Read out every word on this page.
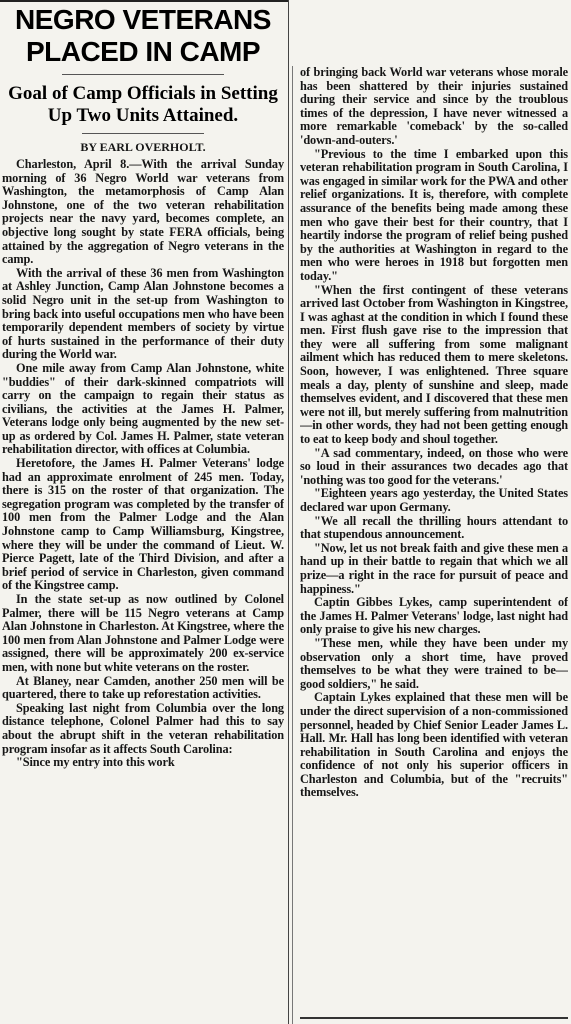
NEGRO VETERANS
PLACED IN CAMP
Goal of Camp Officials in Setting Up Two Units Attained.
BY EARL OVERHOLT.

Charleston, April 8.—With the arrival Sunday morning of 36 Negro World war veterans from Washington, the metamorphosis of Camp Alan Johnstone, one of the two veteran rehabilitation projects near the navy yard, becomes complete, an objective long sought by state FERA officials, being attained by the aggregation of Negro veterans in the camp.

With the arrival of these 36 men from Washington at Ashley Junction, Camp Alan Johnstone becomes a solid Negro unit in the set-up from Washington to bring back into useful occupations men who have been temporarily dependent members of society by virtue of hurts sustained in the performance of their duty during the World war.

One mile away from Camp Alan Johnstone, white "buddies" of their dark-skinned compatriots will carry on the campaign to regain their status as civilians, the activities at the James H. Palmer, Veterans lodge only being augmented by the new set-up as ordered by Col. James H. Palmer, state veteran rehabilitation director, with offices at Columbia.

Heretofore, the James H. Palmer Veterans' lodge had an approximate enrolment of 245 men. Today, there is 315 on the roster of that organization. The segregation program was completed by the transfer of 100 men from the Palmer Lodge and the Alan Johnstone camp to Camp Williamsburg, Kingstree, where they will be under the command of Lieut. W. Pierce Pagett, late of the Third Division, and after a brief period of service in Charleston, given command of the Kingstree camp.

In the state set-up as now outlined by Colonel Palmer, there will be 115 Negro veterans at Camp Alan Johnstone in Charleston. At Kingstree, where the 100 men from Alan Johnstone and Palmer Lodge were assigned, there will be approximately 200 ex-service men, with none but white veterans on the roster.

At Blaney, near Camden, another 250 men will be quartered, there to take up reforestation activities.

Speaking last night from Columbia over the long distance telephone, Colonel Palmer had this to say about the abrupt shift in the veteran rehabilitation program insofar as it affects South Carolina:

"Since my entry into this work

of bringing back World war veterans whose morale has been shattered by their injuries sustained during their service and since by the troublous times of the depression, I have never witnessed a more remarkable 'comeback' by the so-called 'down-and-outers.'

"Previous to the time I embarked upon this veteran rehabilitation program in South Carolina, I was engaged in similar work for the PWA and other relief organizations. It is, therefore, with complete assurance of the benefits being made among these men who gave their best for their country, that I heartily indorse the program of relief being pushed by the authorities at Washington in regard to the men who were heroes in 1918 but forgotten men today."

"When the first contingent of these veterans arrived last October from Washington in Kingstree, I was aghast at the condition in which I found these men. First flush gave rise to the impression that they were all suffering from some malignant ailment which has reduced them to mere skeletons. Soon, however, I was enlightened. Three square meals a day, plenty of sunshine and sleep, made themselves evident, and I discovered that these men were not ill, but merely suffering from malnutrition—in other words, they had not been getting enough to eat to keep body and shoul together.

"A sad commentary, indeed, on those who were so loud in their assurances two decades ago that 'nothing was too good for the veterans.'

"Eighteen years ago yesterday, the United States declared war upon Germany.

"We all recall the thrilling hours attendant to that stupendous announcement.

"Now, let us not break faith and give these men a hand up in their battle to regain that which we all prize—a right in the race for pursuit of peace and happiness."

Captin Gibbes Lykes, camp superintendent of the James H. Palmer Veterans' lodge, last night had only praise to give his new charges.

"These men, while they have been under my observation only a short time, have proved themselves to be what they were trained to be—good soldiers," he said.

Captain Lykes explained that these men will be under the direct supervision of a non-commissioned personnel, headed by Chief Senior Leader James L. Hall. Mr. Hall has long been identified with veteran rehabilitation in South Carolina and enjoys the confidence of not only his superior officers in Charleston and Columbia, but of the "recruits" themselves.
